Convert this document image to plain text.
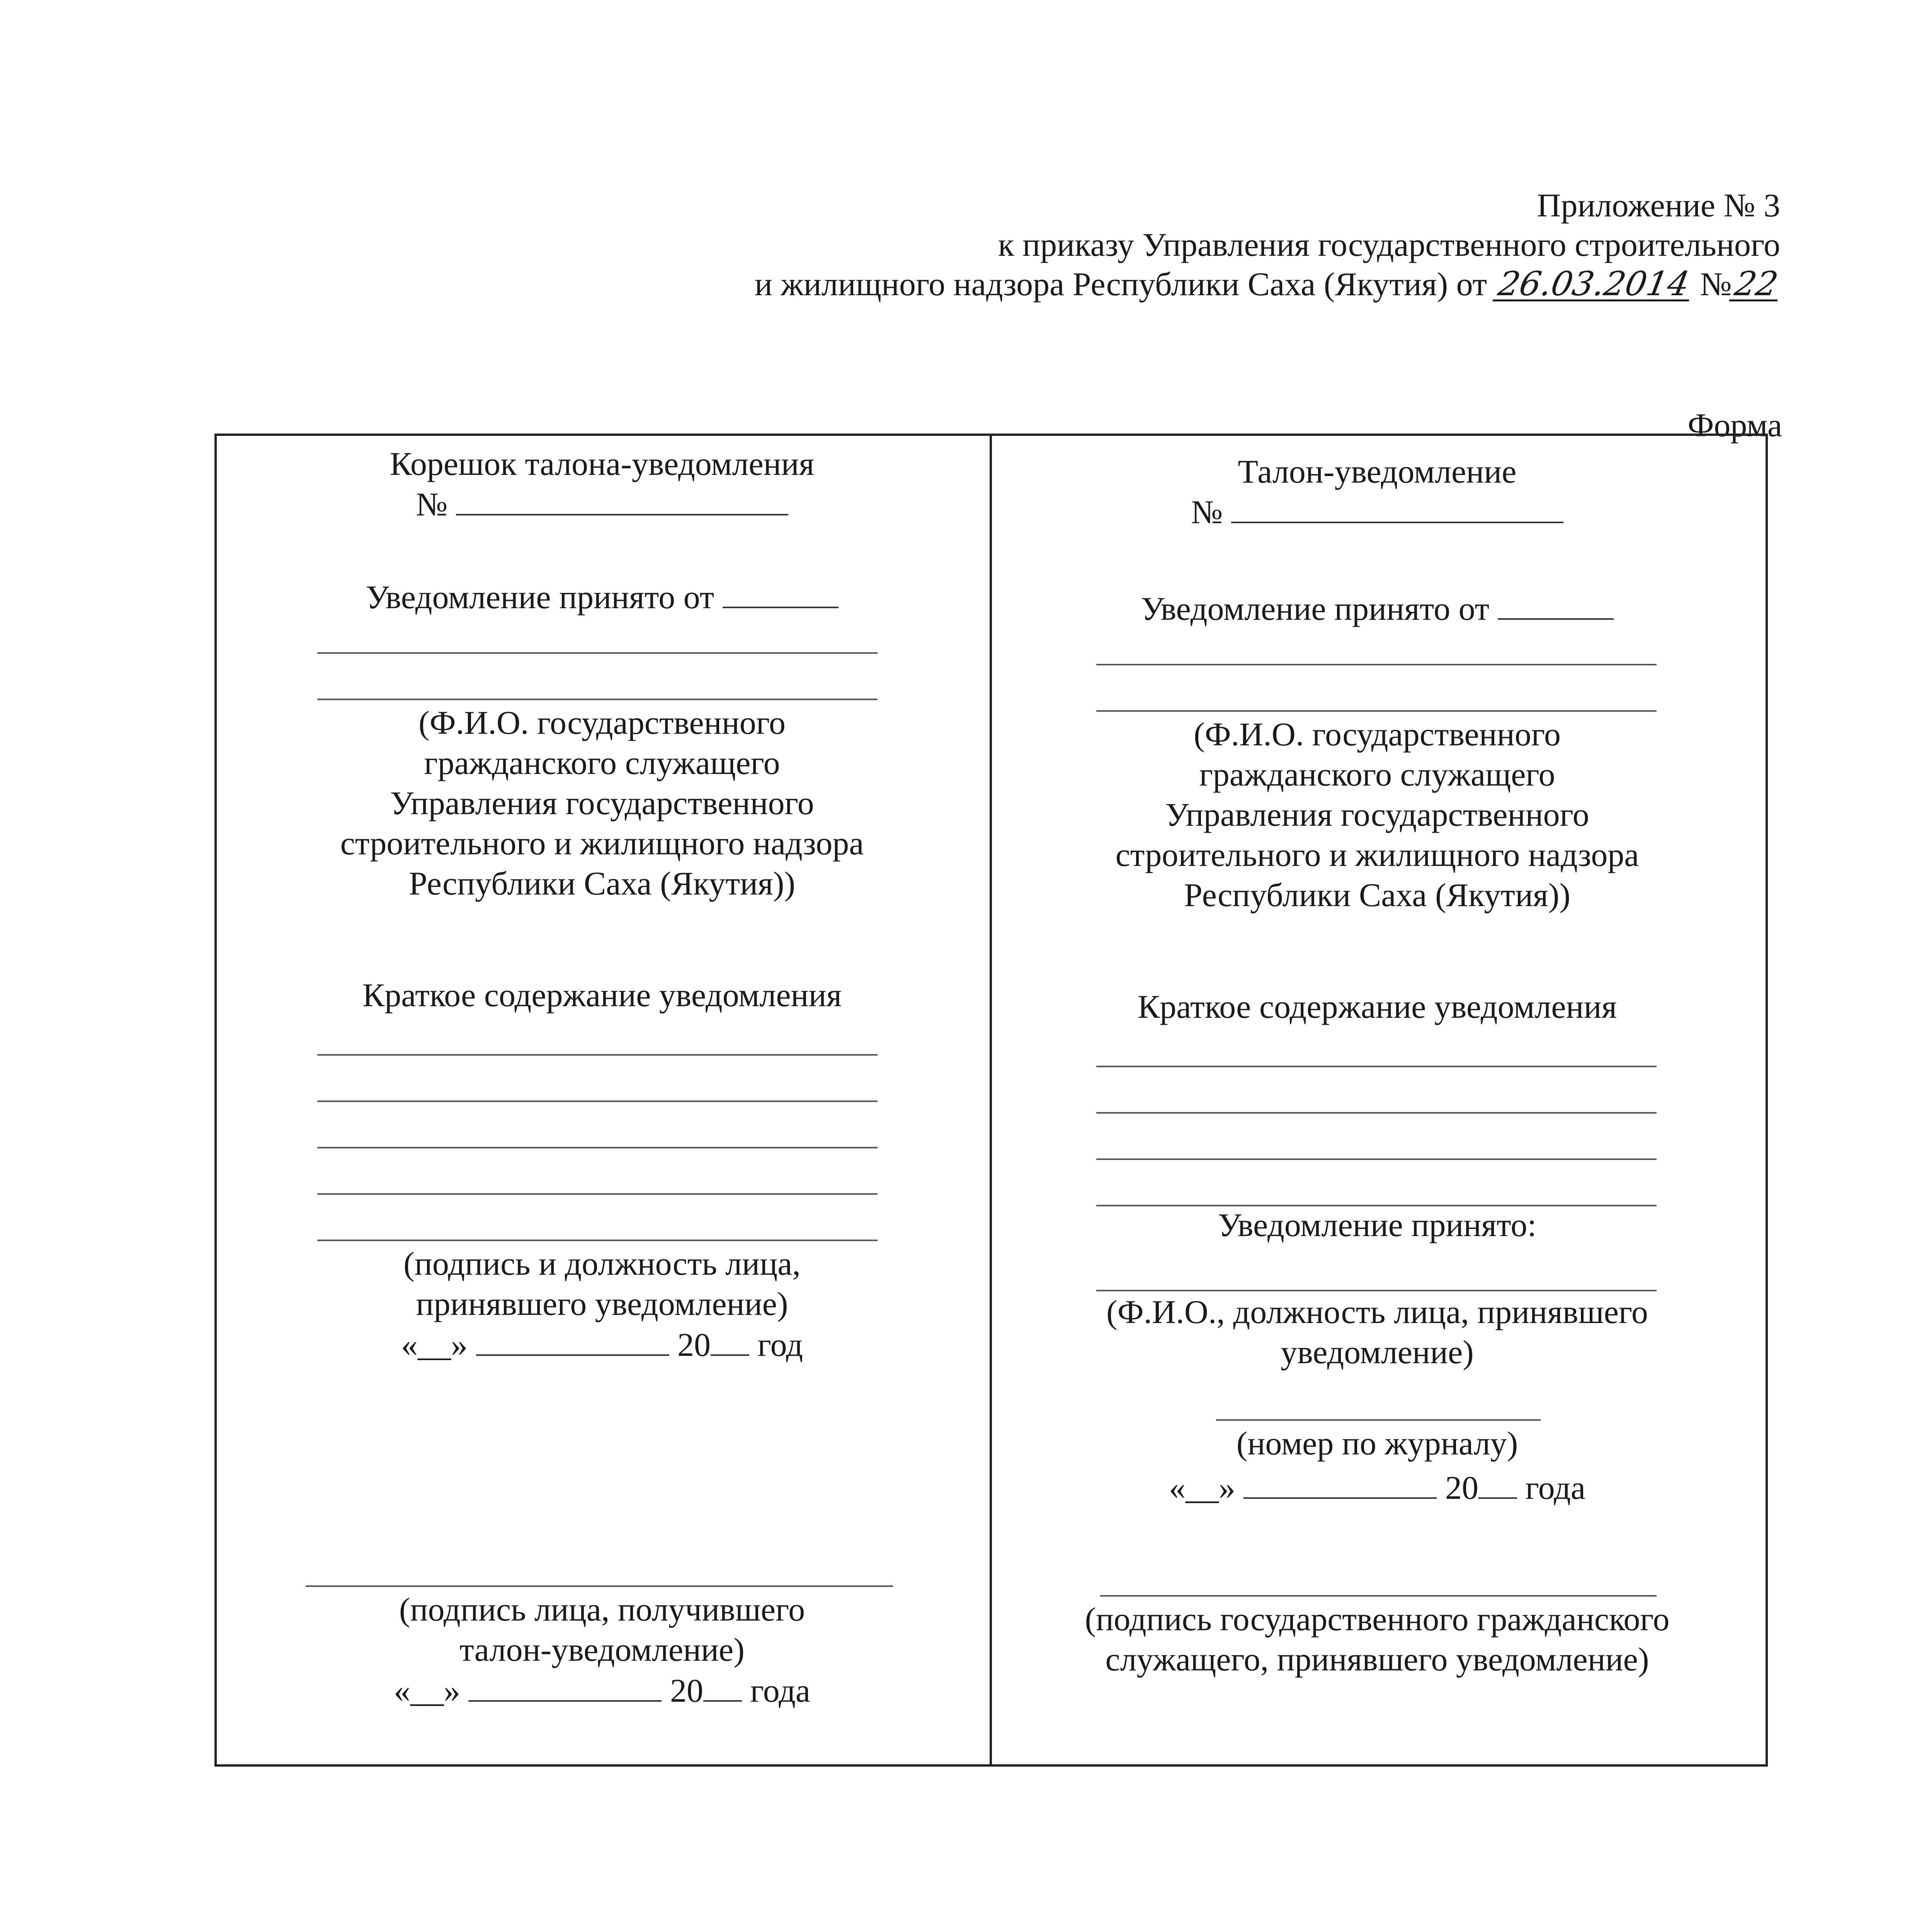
Приложение № 3

к приказу Управления государственного строительного

и жилищного надзора Республики Саха (Якутия) от 26.03.2014 №22

Форма
Корешок талона-уведомления
№
Уведомление принято от

(Ф.И.О. государственного

гражданского служащего

Управления государственного

строительного и жилищного надзора

Республики Саха (Якутия))

Краткое содержание уведомления

(подпись и должность лица,

принявшего уведомление)

«__»	20 год

(подпись лица, получившего

талон-уведомление)

«__»	20 года
Талон-уведомление
№
Уведомление принято от

(Ф.И.О. государственного

гражданского служащего

Управления государственного

строительного и жилищного надзора

Республики Саха (Якутия))

Краткое содержание уведомления
Уведомление принято:

(Ф.И.О., должность лица, принявшего

уведомление)

(номер по журналу)
«__»	20 года

(подпись государственного гражданского

служащего, принявшего уведомление)
